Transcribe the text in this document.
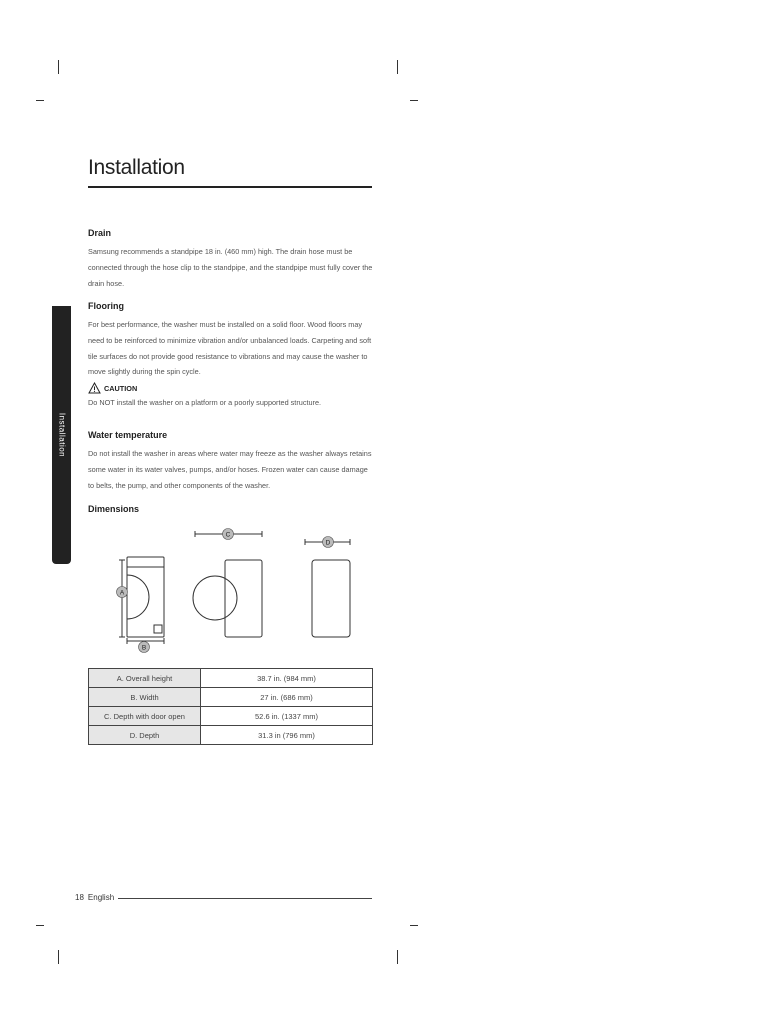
Installation
Installation
Drain

Samsung recommends a standpipe 18 in. (460 mm) high. The drain hose must be connected through the hose clip to the standpipe, and the standpipe must fully cover the drain hose.

Flooring

For best performance, the washer must be installed on a solid floor. Wood floors may need to be reinforced to minimize vibration and/or unbalanced loads. Carpeting and soft tile surfaces do not provide good resistance to vibrations and may cause the washer to move slightly during the spin cycle.

CAUTION

Do NOT install the washer on a platform or a poorly supported structure.

Water temperature

Do not install the washer in areas where water may freeze as the washer always retains some water in its water valves, pumps, and/or hoses. Frozen water can cause damage to belts, the pump, and other components of the washer.

Dimensions
A
B
C
D
A. Overall height	38.7 in. (984 mm)
B. Width	27 in. (686 mm)
C. Depth with door open	52.6 in. (1337 mm)
D. Depth	31.3 in (796 mm)
18 English
